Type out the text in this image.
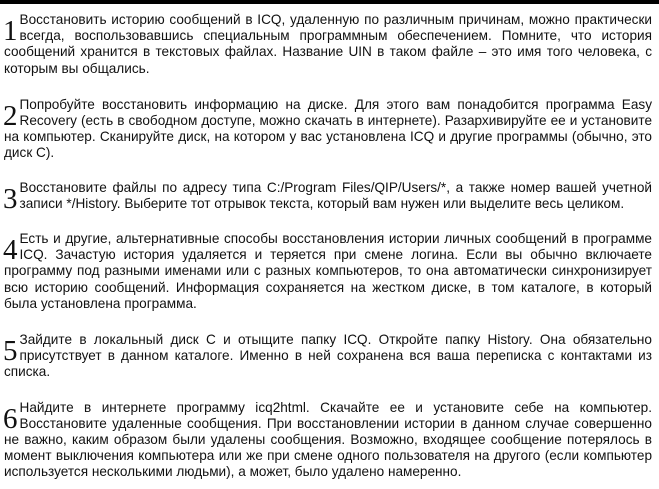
1 Восстановить историю сообщений в ICQ, удаленную по различным причинам, можно практически всегда, воспользовавшись специальным программным обеспечением. Помните, что история сообщений хранится в текстовых файлах. Название UIN в таком файле – это имя того человека, с которым вы общались.

2 Попробуйте восстановить информацию на диске. Для этого вам понадобится программа Easy Recovery (есть в свободном доступе, можно скачать в интернете). Разархивируйте ее и установите на компьютер. Сканируйте диск, на котором у вас установлена ICQ и другие программы (обычно, это диск C).

3 Восстановите файлы по адресу типа C:/Program Files/QIP/Users/*, а также номер вашей учетной записи */History. Выберите тот отрывок текста, который вам нужен или выделите весь целиком.

4 Есть и другие, альтернативные способы восстановления истории личных сообщений в программе ICQ. Зачастую история удаляется и теряется при смене логина. Если вы обычно включаете программу под разными именами или с разных компьютеров, то она автоматически синхронизирует всю историю сообщений. Информация сохраняется на жестком диске, в том каталоге, в который была установлена программа.

5 Зайдите в локальный диск C и отыщите папку ICQ. Откройте папку History. Она обязательно присутствует в данном каталоге. Именно в ней сохранена вся ваша переписка с контактами из списка.

6 Найдите в интернете программу icq2html. Скачайте ее и установите себе на компьютер. Восстановите удаленные сообщения. При восстановлении истории в данном случае совершенно не важно, каким образом были удалены сообщения. Возможно, входящее сообщение потерялось в момент выключения компьютера или же при смене одного пользователя на другого (если компьютер используется несколькими людьми), а может, было удалено намеренно.
